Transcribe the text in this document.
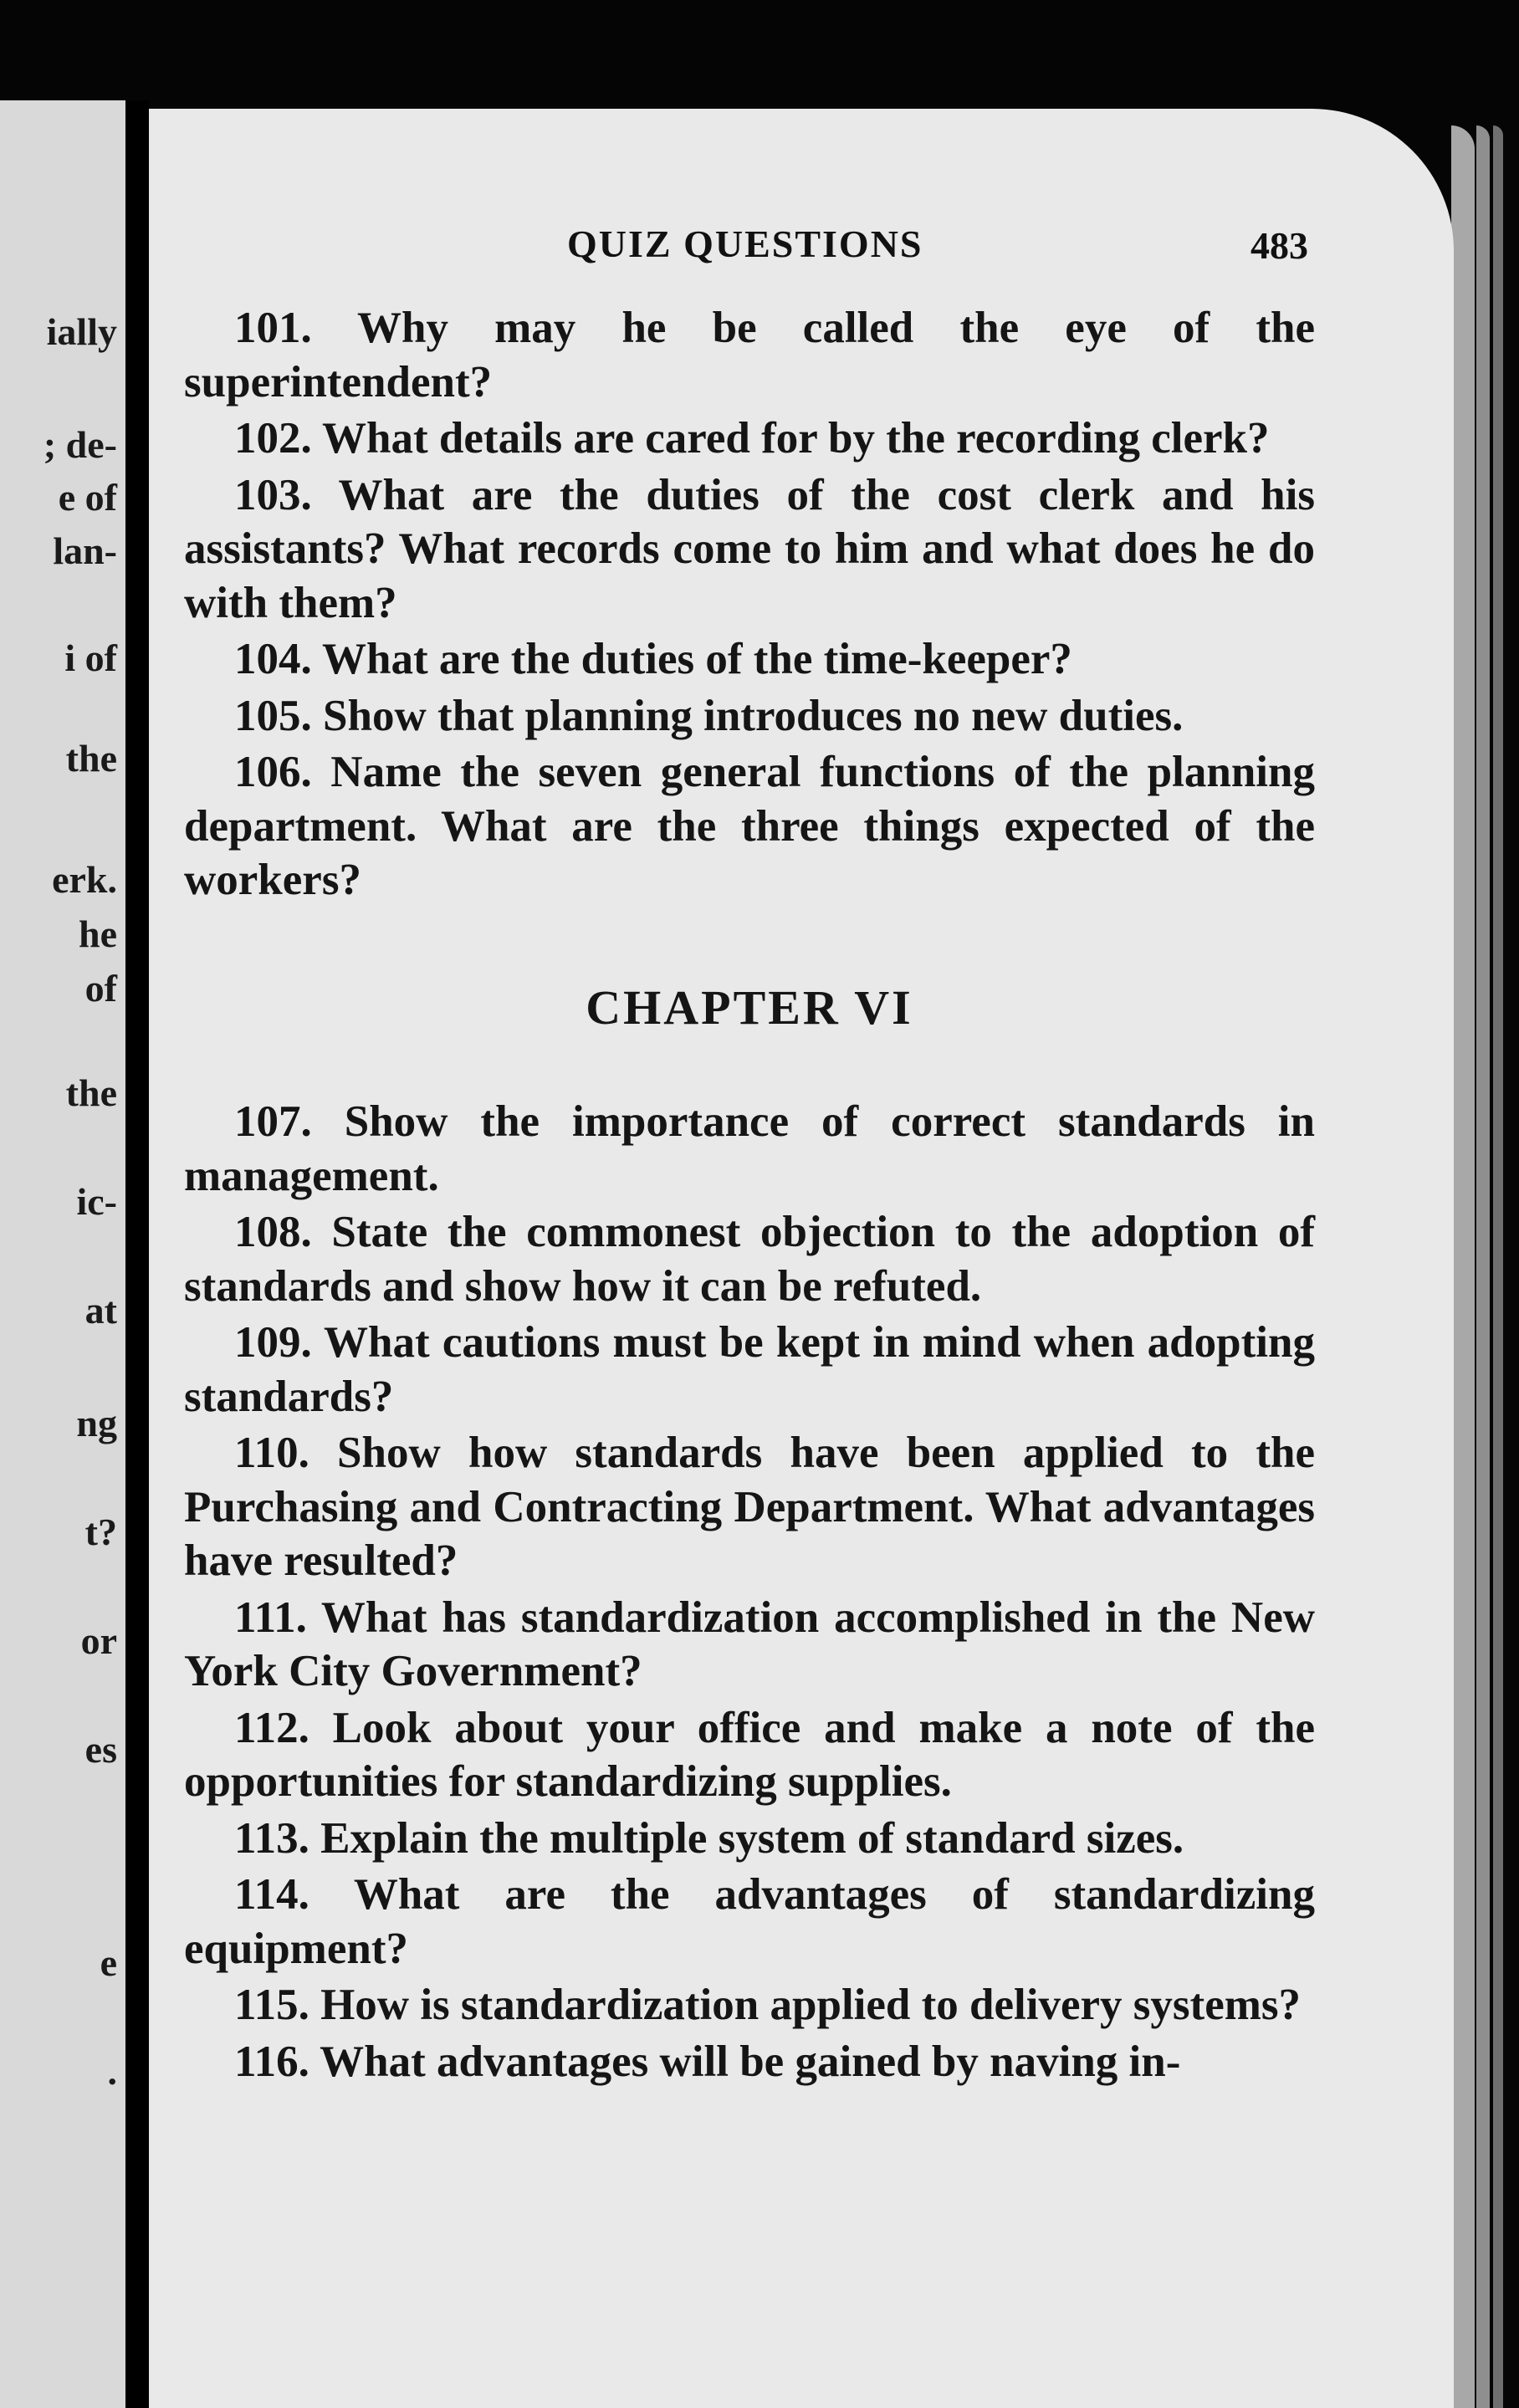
ially
; de-
e of
lan-
i of
the
erk.
he
of
the
ic-
at
ng
t?
or
es
e
.
QUIZ QUESTIONS	483

101. Why may he be called the eye of the superintendent?

102. What details are cared for by the recording clerk?

103. What are the duties of the cost clerk and his assistants? What records come to him and what does he do with them?

104. What are the duties of the time-keeper?

105. Show that planning introduces no new duties.

106. Name the seven general functions of the planning department. What are the three things expected of the workers?

CHAPTER VI

107. Show the importance of correct standards in management.

108. State the commonest objection to the adoption of standards and show how it can be refuted.

109. What cautions must be kept in mind when adopting standards?

110. Show how standards have been applied to the Purchasing and Contracting Department. What advantages have resulted?

111. What has standardization accomplished in the New York City Government?

112. Look about your office and make a note of the opportunities for standardizing supplies.

113. Explain the multiple system of standard sizes.

114. What are the advantages of standardizing equipment?

115. How is standardization applied to delivery systems?

116. What advantages will be gained by naving in-
